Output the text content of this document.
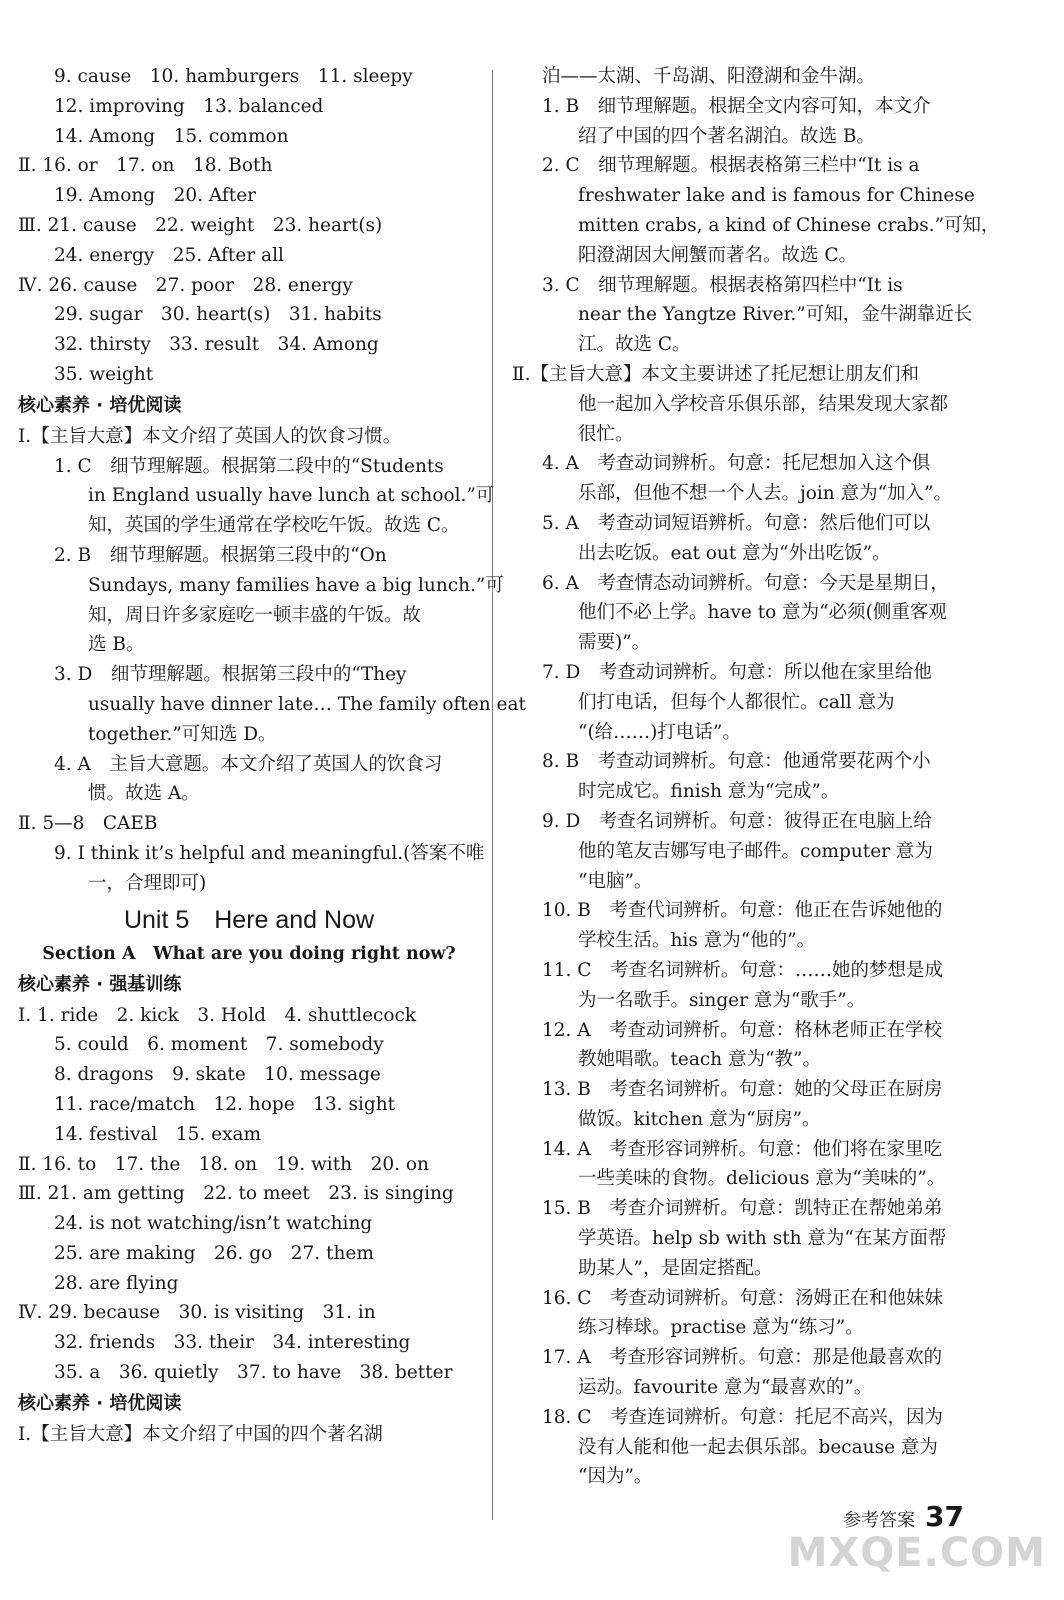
9. cause　10. hamburgers　11. sleepy
12. improving　13. balanced
14. Among　15. common
Ⅱ. 16. or　17. on　18. Both
19. Among　20. After
Ⅲ. 21. cause　22. weight　23. heart(s)
24. energy　25. After all
Ⅳ. 26. cause　27. poor　28. energy
29. sugar　30. heart(s)　31. habits
32. thirsty　33. result　34. Among
35. weight
核心素养 · 培优阅读
Ⅰ.【主旨大意】本文介绍了英国人的饮食习惯。
1. C　细节理解题。根据第二段中的“Students
in England usually have lunch at school.”可
知，英国的学生通常在学校吃午饭。故选 C。
2. B　细节理解题。根据第三段中的“On
Sundays, many families have a big lunch.”可
知，周日许多家庭吃一顿丰盛的午饭。故
选 B。
3. D　细节理解题。根据第三段中的“They
usually have dinner late… The family often eat
together.”可知选 D。
4. A　主旨大意题。本文介绍了英国人的饮食习
惯。故选 A。
Ⅱ. 5—8　CAEB
9. I think it’s helpful and meaningful.(答案不唯
一，合理即可)
Unit 5　Here and Now
Section A　What are you doing right now?
核心素养 · 强基训练
Ⅰ. 1. ride　2. kick　3. Hold　4. shuttlecock
5. could　6. moment　7. somebody
8. dragons　9. skate　10. message
11. race/match　12. hope　13. sight
14. festival　15. exam
Ⅱ. 16. to　17. the　18. on　19. with　20. on
Ⅲ. 21. am getting　22. to meet　23. is singing
24. is not watching/isn’t watching
25. are making　26. go　27. them
28. are flying
Ⅳ. 29. because　30. is visiting　31. in
32. friends　33. their　34. interesting
35. a　36. quietly　37. to have　38. better
核心素养 · 培优阅读
Ⅰ.【主旨大意】本文介绍了中国的四个著名湖
泊——太湖、千岛湖、阳澄湖和金牛湖。
1. B　细节理解题。根据全文内容可知，本文介
绍了中国的四个著名湖泊。故选 B。
2. C　细节理解题。根据表格第三栏中“It is a
freshwater lake and is famous for Chinese
mitten crabs, a kind of Chinese crabs.”可知，
阳澄湖因大闸蟹而著名。故选 C。
3. C　细节理解题。根据表格第四栏中“It is
near the Yangtze River.”可知，金牛湖靠近长
江。故选 C。
Ⅱ.【主旨大意】本文主要讲述了托尼想让朋友们和
他一起加入学校音乐俱乐部，结果发现大家都
很忙。
4. A　考查动词辨析。句意：托尼想加入这个俱
乐部，但他不想一个人去。join 意为“加入”。
5. A　考查动词短语辨析。句意：然后他们可以
出去吃饭。eat out 意为“外出吃饭”。
6. A　考查情态动词辨析。句意：今天是星期日，
他们不必上学。have to 意为“必须(侧重客观
需要)”。
7. D　考查动词辨析。句意：所以他在家里给他
们打电话，但每个人都很忙。call 意为
“(给……)打电话”。
8. B　考查动词辨析。句意：他通常要花两个小
时完成它。finish 意为“完成”。
9. D　考查名词辨析。句意：彼得正在电脑上给
他的笔友吉娜写电子邮件。computer 意为
“电脑”。
10. B　考查代词辨析。句意：他正在告诉她他的
学校生活。his 意为“他的”。
11. C　考查名词辨析。句意：……她的梦想是成
为一名歌手。singer 意为“歌手”。
12. A　考查动词辨析。句意：格林老师正在学校
教她唱歌。teach 意为“教”。
13. B　考查名词辨析。句意：她的父母正在厨房
做饭。kitchen 意为“厨房”。
14. A　考查形容词辨析。句意：他们将在家里吃
一些美味的食物。delicious 意为“美味的”。
15. B　考查介词辨析。句意：凯特正在帮她弟弟
学英语。help sb with sth 意为“在某方面帮
助某人”，是固定搭配。
16. C　考查动词辨析。句意：汤姆正在和他妹妹
练习棒球。practise 意为“练习”。
17. A　考查形容词辨析。句意：那是他最喜欢的
运动。favourite 意为“最喜欢的”。
18. C　考查连词辨析。句意：托尼不高兴，因为
没有人能和他一起去俱乐部。because 意为
“因为”。
参考答案 37
MXQE.COM
